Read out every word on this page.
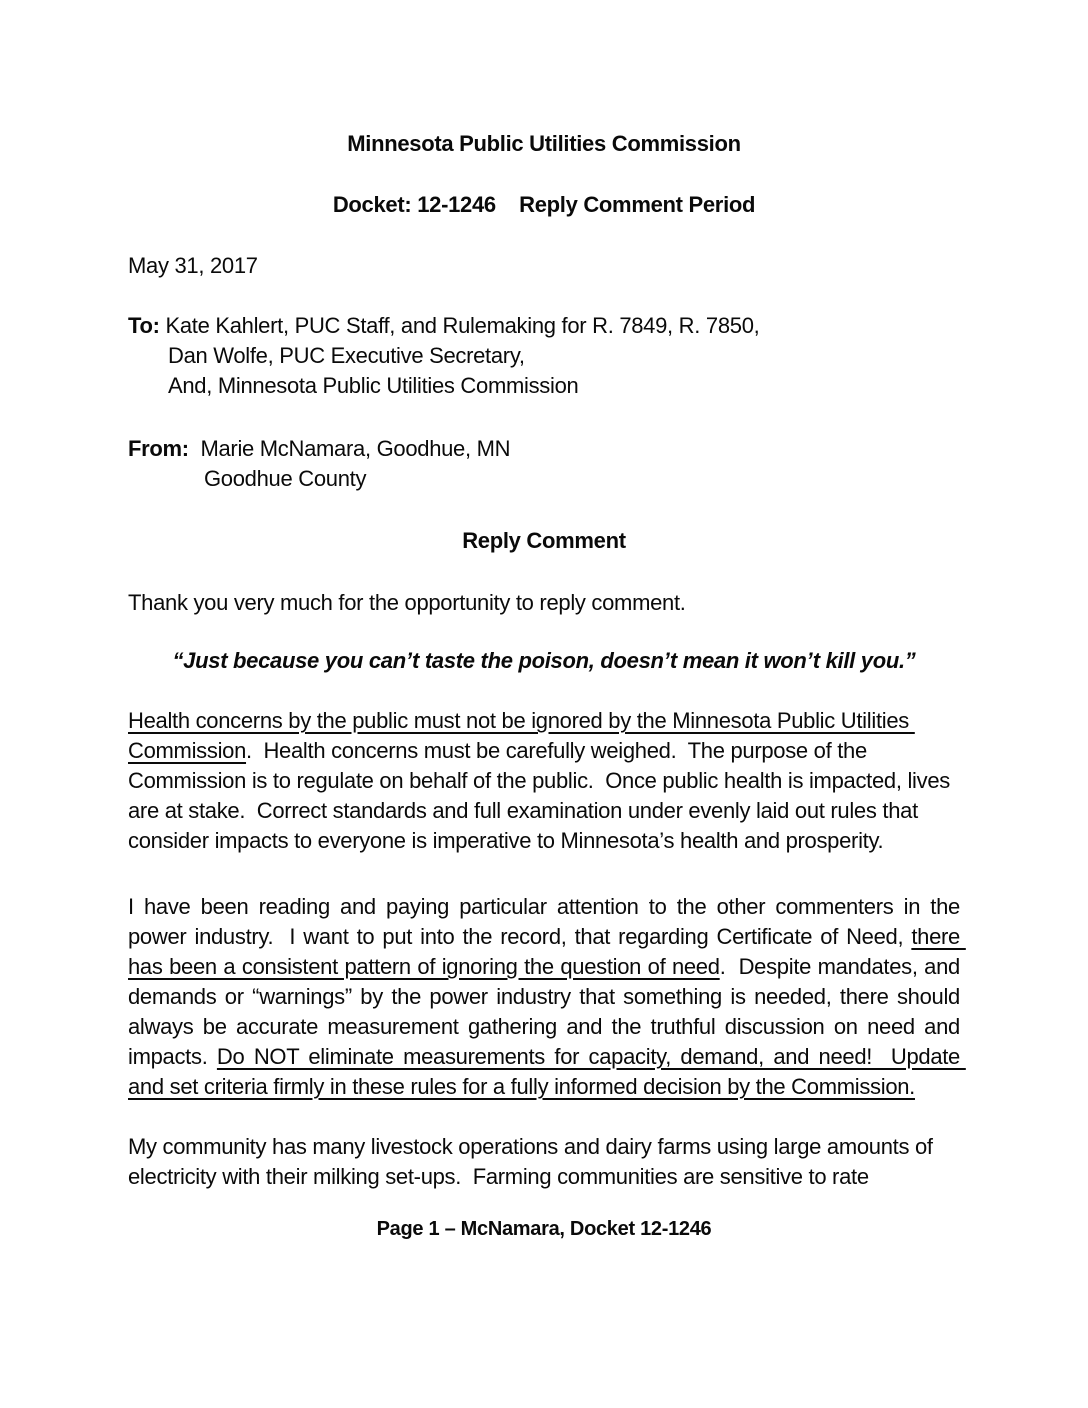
Minnesota Public Utilities Commission
Docket: 12-1246    Reply Comment Period
May 31, 2017
To: Kate Kahlert, PUC Staff, and Rulemaking for R. 7849, R. 7850,
Dan Wolfe, PUC Executive Secretary,
And, Minnesota Public Utilities Commission
From:  Marie McNamara, Goodhue, MN
Goodhue County
Reply Comment

Thank you very much for the opportunity to reply comment.

“Just because you can’t taste the poison, doesn’t mean it won’t kill you.”

Health concerns by the public must not be ignored by the Minnesota Public Utilities Commission.  Health concerns must be carefully weighed.  The purpose of the Commission is to regulate on behalf of the public.  Once public health is impacted, lives are at stake.  Correct standards and full examination under evenly laid out rules that consider impacts to everyone is imperative to Minnesota’s health and prosperity.

I have been reading and paying particular attention to the other commenters in the power industry.  I want to put into the record, that regarding Certificate of Need, there has been a consistent pattern of ignoring the question of need.  Despite mandates, and demands or “warnings” by the power industry that something is needed, there should always be accurate measurement gathering and the truthful discussion on need and impacts. Do NOT eliminate measurements for capacity, demand, and need!  Update and set criteria firmly in these rules for a fully informed decision by the Commission.

My community has many livestock operations and dairy farms using large amounts of electricity with their milking set-ups.  Farming communities are sensitive to rate

Page 1 – McNamara, Docket 12-1246
